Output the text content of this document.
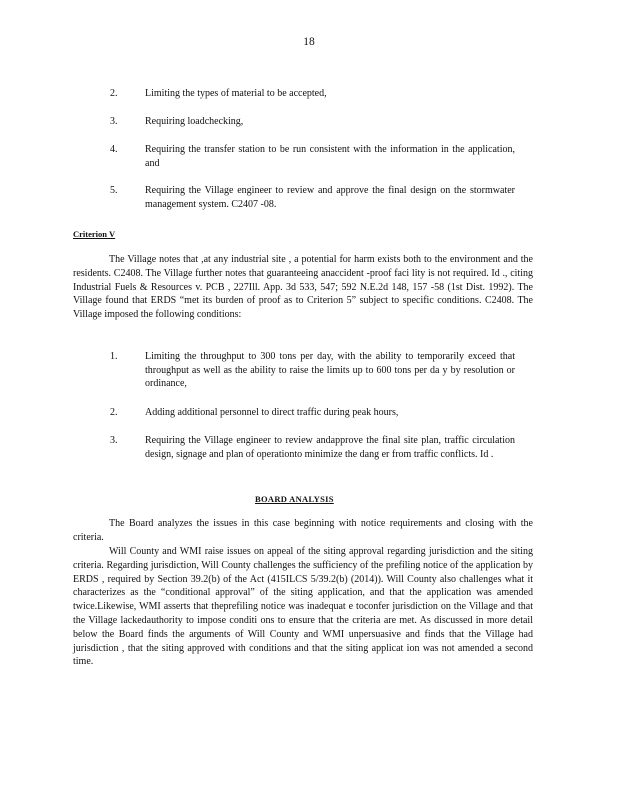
18
2.	Limiting the types of material to be accepted,
3.	Requiring loadchecking,
4.	Requiring the transfer station to be run consistent with the information in the application, and
5.	Requiring the Village engineer to review and approve the final design on the stormwater management system. C2407 -08.
Criterion V
The Village notes that ,at any industrial site , a potential for harm exists both to the environment and the residents. C2408. The Village further notes that guaranteeing anaccident -proof faci lity is not required. Id ., citing Industrial Fuels & Resources v. PCB , 227Ill. App. 3d 533, 547; 592 N.E.2d 148, 157 -58 (1st Dist. 1992). The Village found that ERDS “met its burden of proof as to Criterion 5” subject to specific conditions. C2408. The Village imposed the following conditions:
1.	Limiting the throughput to 300 tons per day, with the ability to temporarily exceed that throughput as well as the ability to raise the limits up to 600 tons per da y by resolution or ordinance,
2.	Adding additional personnel to direct traffic during peak hours,
3.	Requiring the Village engineer to review andapprove the final site plan, traffic circulation design, signage and plan of operationto minimize the dang er from traffic conflicts. Id .
BOARD ANALYSIS
The Board analyzes the issues in this case beginning with notice requirements and closing with the criteria.
Will County and WMI raise issues on appeal of the siting approval regarding jurisdiction and the siting criteria. Regarding jurisdiction, Will County challenges the sufficiency of the prefiling notice of the application by ERDS , required by Section 39.2(b) of the Act (415ILCS 5/39.2(b) (2014)). Will County also challenges what it characterizes as the “conditional approval” of the siting application, and that the application was amended twice.Likewise, WMI asserts that theprefiling notice was inadequat e toconfer jurisdiction on the Village and that the Village lackedauthority to impose conditi ons to ensure that the criteria are met. As discussed in more detail below the Board finds the arguments of Will County and WMI unpersuasive and finds that the Village had jurisdiction , that the siting approved with conditions and that the siting applicat ion was not amended a second time.
